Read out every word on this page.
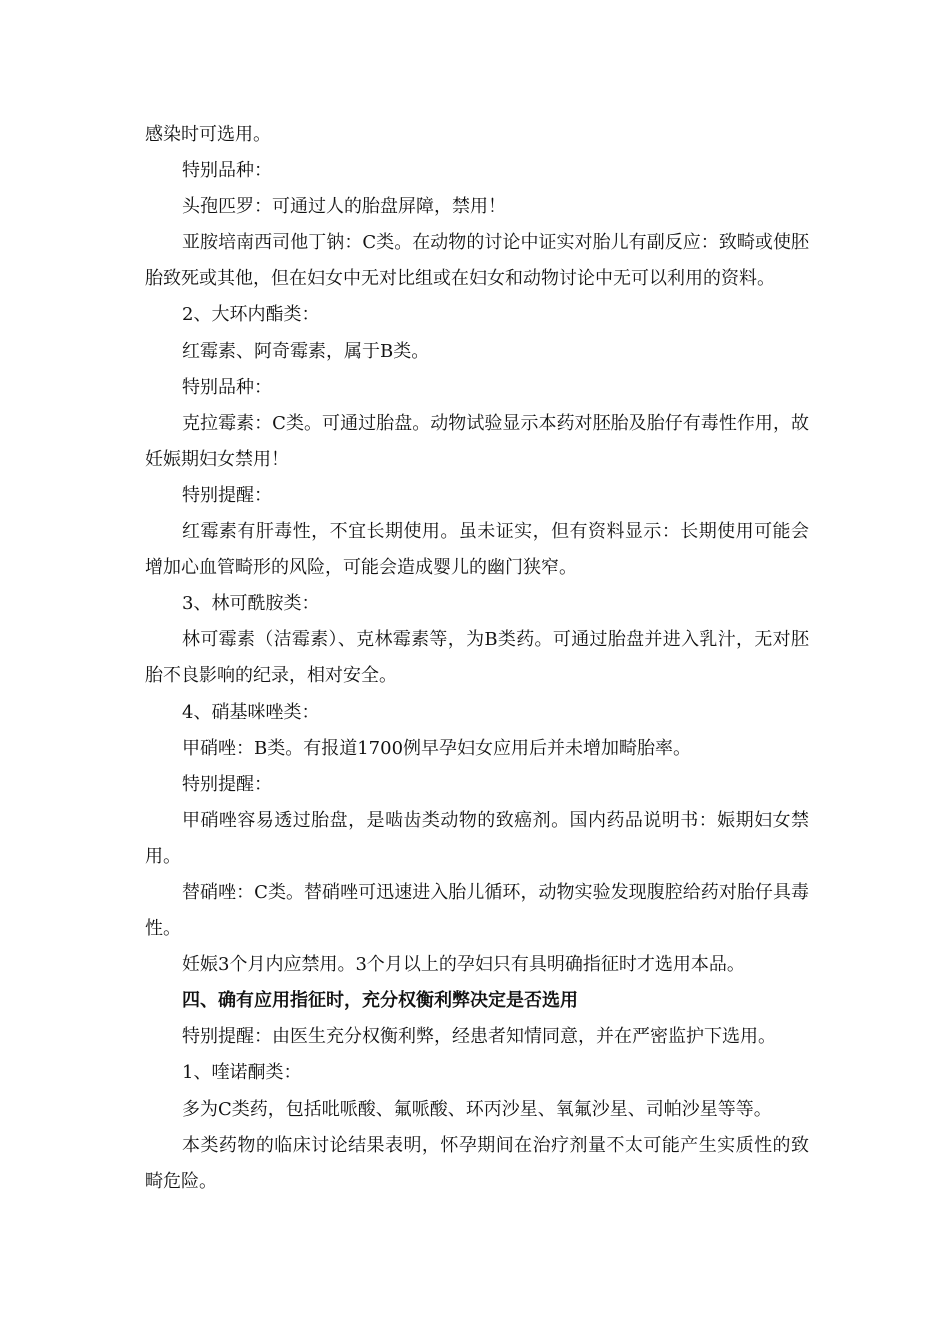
感染时可选用。

特别品种：

头孢匹罗：可通过人的胎盘屏障，禁用！

亚胺培南西司他丁钠：C类。在动物的讨论中证实对胎儿有副反应：致畸或使胚胎致死或其他，但在妇女中无对比组或在妇女和动物讨论中无可以利用的资料。

2、大环内酯类：

红霉素、阿奇霉素，属于B类。

特别品种：

克拉霉素：C类。可通过胎盘。动物试验显示本药对胚胎及胎仔有毒性作用，故妊娠期妇女禁用！

特别提醒：

红霉素有肝毒性，不宜长期使用。虽未证实，但有资料显示：长期使用可能会增加心血管畸形的风险，可能会造成婴儿的幽门狭窄。

3、林可酰胺类：

林可霉素（洁霉素）、克林霉素等，为B类药。可通过胎盘并进入乳汁，无对胚胎不良影响的纪录，相对安全。

4、硝基咪唑类：

甲硝唑：B类。有报道1700例早孕妇女应用后并未增加畸胎率。

特别提醒：

甲硝唑容易透过胎盘，是啮齿类动物的致癌剂。国内药品说明书：娠期妇女禁用。

替硝唑：C类。替硝唑可迅速进入胎儿循环，动物实验发现腹腔给药对胎仔具毒性。

妊娠3个月内应禁用。3个月以上的孕妇只有具明确指征时才选用本品。

四、确有应用指征时，充分权衡利弊决定是否选用

特别提醒：由医生充分权衡利弊，经患者知情同意，并在严密监护下选用。

1、喹诺酮类：

多为C类药，包括吡哌酸、氟哌酸、环丙沙星、氧氟沙星、司帕沙星等等。

本类药物的临床讨论结果表明，怀孕期间在治疗剂量不太可能产生实质性的致畸危险。
